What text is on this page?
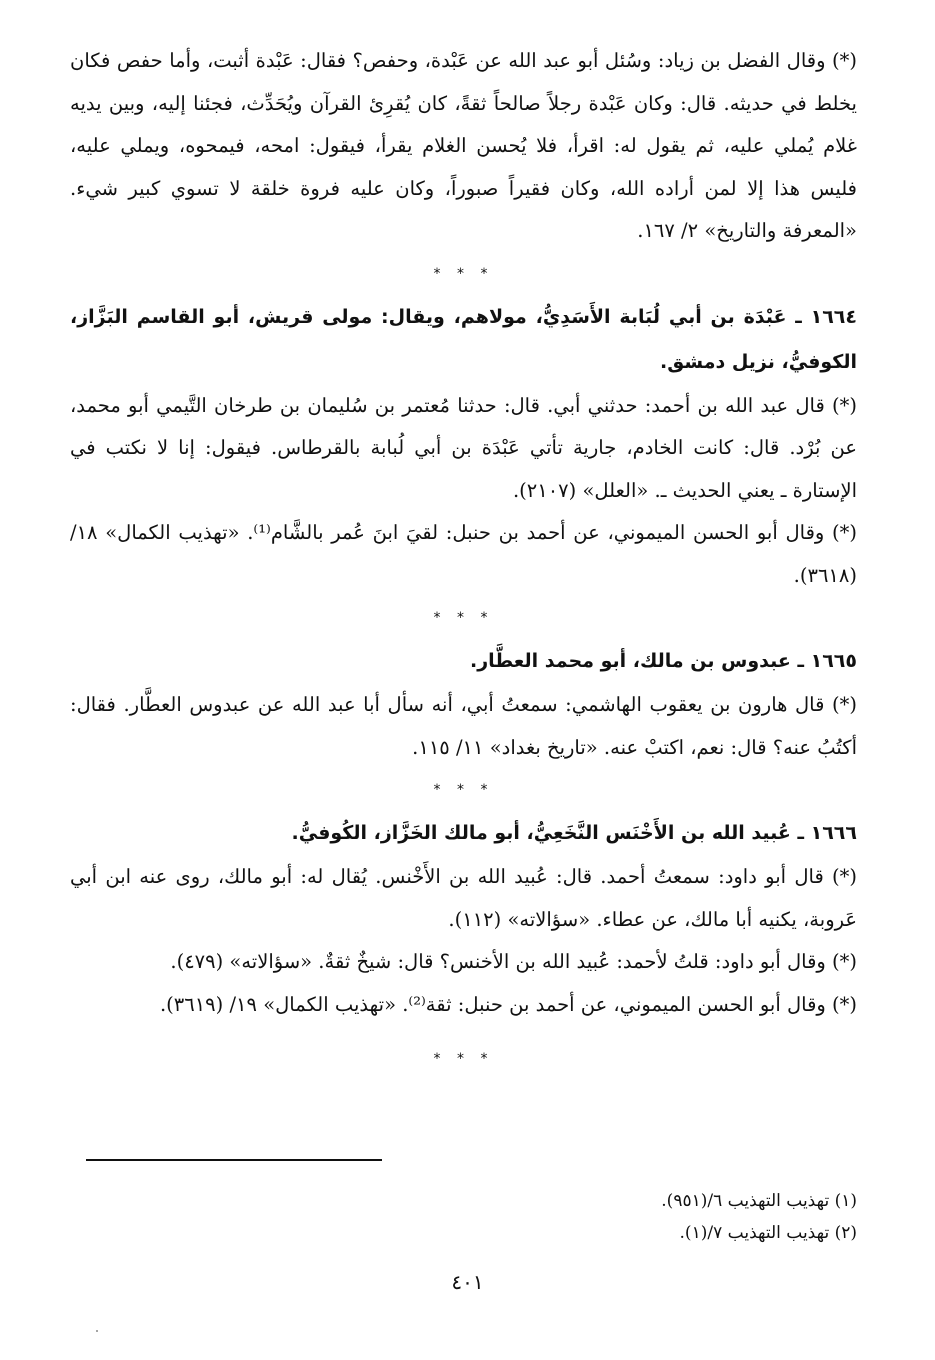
(*) وقال الفضل بن زياد: وسُئل أبو عبد الله عن عَبْدة، وحفص؟ فقال: عَبْدة أثبت، وأما حفص فكان يخلط في حديثه. قال: وكان عَبْدة رجلاً صالحاً ثقةً، كان يُقرِئ القرآن ويُحَدِّث، فجئنا إليه، وبين يديه غلام يُملي عليه، ثم يقول له: اقرأ، فلا يُحسن الغلام يقرأ، فيقول: امحه، فيمحوه، ويملي عليه، فليس هذا إلا لمن أراده الله، وكان فقيراً صبوراً، وكان عليه فروة خلقة لا تسوي كبير شيء. «المعرفة والتاريخ» ٢/ ١٦٧.

* * *

١٦٦٤ ـ عَبْدَة بن أبي لُبَابة الأَسَدِيُّ، مولاهم، ويقال: مولى قريش، أبو القاسم البَزَّاز، الكوفيُّ، نزيل دمشق.

(*) قال عبد الله بن أحمد: حدثني أبي. قال: حدثنا مُعتمر بن سُليمان بن طرخان التَّيمي أبو محمد، عن بُرْد. قال: كانت الخادم، جارية تأتي عَبْدَة بن أبي لُبابة بالقرطاس. فيقول: إنا لا نكتب في الإستارة ـ يعني الحديث ـ. «العلل» (٢١٠٧).

(*) وقال أبو الحسن الميموني، عن أحمد بن حنبل: لقيَ ابنَ عُمر بالشَّام⁽¹⁾. «تهذيب الكمال» ١٨/ (٣٦١٨).

* * *

١٦٦٥ ـ عبدوس بن مالك، أبو محمد العطَّار.

(*) قال هارون بن يعقوب الهاشمي: سمعتُ أبي، أنه سأل أبا عبد الله عن عبدوس العطَّار. فقال: أكتُبُ عنه؟ قال: نعم، اكتبْ عنه. «تاريخ بغداد» ١١/ ١١٥.

* * *

١٦٦٦ ـ عُبيد الله بن الأَخْنَس النَّخَعِيُّ، أبو مالك الخَزَّاز، الكُوفيُّ.

(*) قال أبو داود: سمعتُ أحمد. قال: عُبيد الله بن الأَخْنس. يُقال له: أبو مالك، روى عنه ابن أبي عَروبة، يكنيه أبا مالك، عن عطاء. «سؤالاته» (١١٢).

(*) وقال أبو داود: قلتُ لأحمد: عُبيد الله بن الأخنس؟ قال: شيخٌ ثقةٌ. «سؤالاته» (٤٧٩).

(*) وقال أبو الحسن الميموني، عن أحمد بن حنبل: ثقة⁽²⁾. «تهذيب الكمال» ١٩/ (٣٦١٩).

* * *

(١) تهذيب التهذيب ٦/(٩٥١).

(٢) تهذيب التهذيب ٧/(١).

٤٠١
